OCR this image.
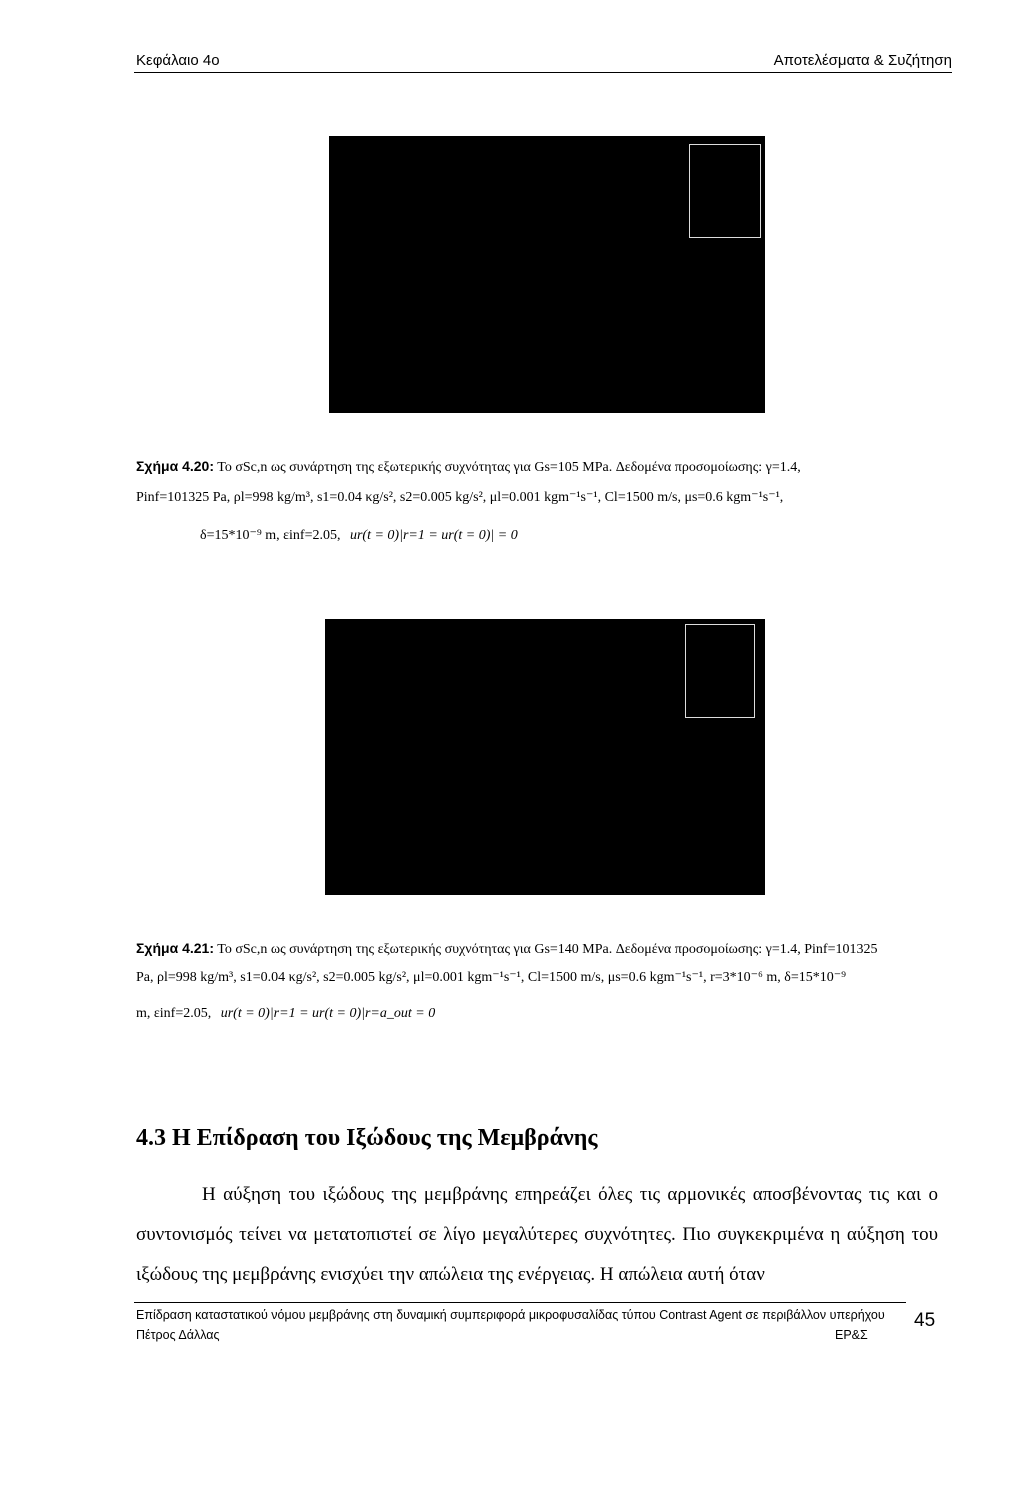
Κεφάλαιο 4ο	Αποτελέσματα & Συζήτηση
Σχήμα 4.20: Το σSc,n ως συνάρτηση της εξωτερικής συχνότητας για Gs=105 MPa. Δεδομένα προσομοίωσης: γ=1.4,
Pinf=101325 Pa, ρl=998 kg/m³, s1=0.04 κg/s², s2=0.005 kg/s², μl=0.001 kgm⁻¹s⁻¹, Cl=1500 m/s, μs=0.6 kgm⁻¹s⁻¹,
δ=15*10⁻⁹ m, εinf=2.05, ur(t = 0)|r=1 = ur(t = 0)| = 0
Σχήμα 4.21: Το σSc,n ως συνάρτηση της εξωτερικής συχνότητας για Gs=140 MPa. Δεδομένα προσομοίωσης: γ=1.4, Pinf=101325
Pa, ρl=998 kg/m³, s1=0.04 κg/s², s2=0.005 kg/s², μl=0.001 kgm⁻¹s⁻¹, Cl=1500 m/s, μs=0.6 kgm⁻¹s⁻¹, r=3*10⁻⁶ m, δ=15*10⁻⁹
m, εinf=2.05, ur(t = 0)|r=1 = ur(t = 0)|r=a_out = 0
4.3 Η Επίδραση του Ιξώδους της Μεμβράνης
Η αύξηση του ιξώδους της μεμβράνης επηρεάζει όλες τις αρμονικές αποσβένοντας τις και ο συντονισμός τείνει να μετατοπιστεί σε λίγο μεγαλύτερες συχνότητες. Πιο συγκεκριμένα η αύξηση του ιξώδους της μεμβράνης ενισχύει την απώλεια της ενέργειας. Η απώλεια αυτή όταν
Επίδραση καταστατικού νόμου μεμβράνης στη δυναμική συμπεριφορά μικροφυσαλίδας τύπου Contrast Agent σε περιβάλλον υπερήχου
Πέτρος Δάλλας	ΕΡ&Σ
45
